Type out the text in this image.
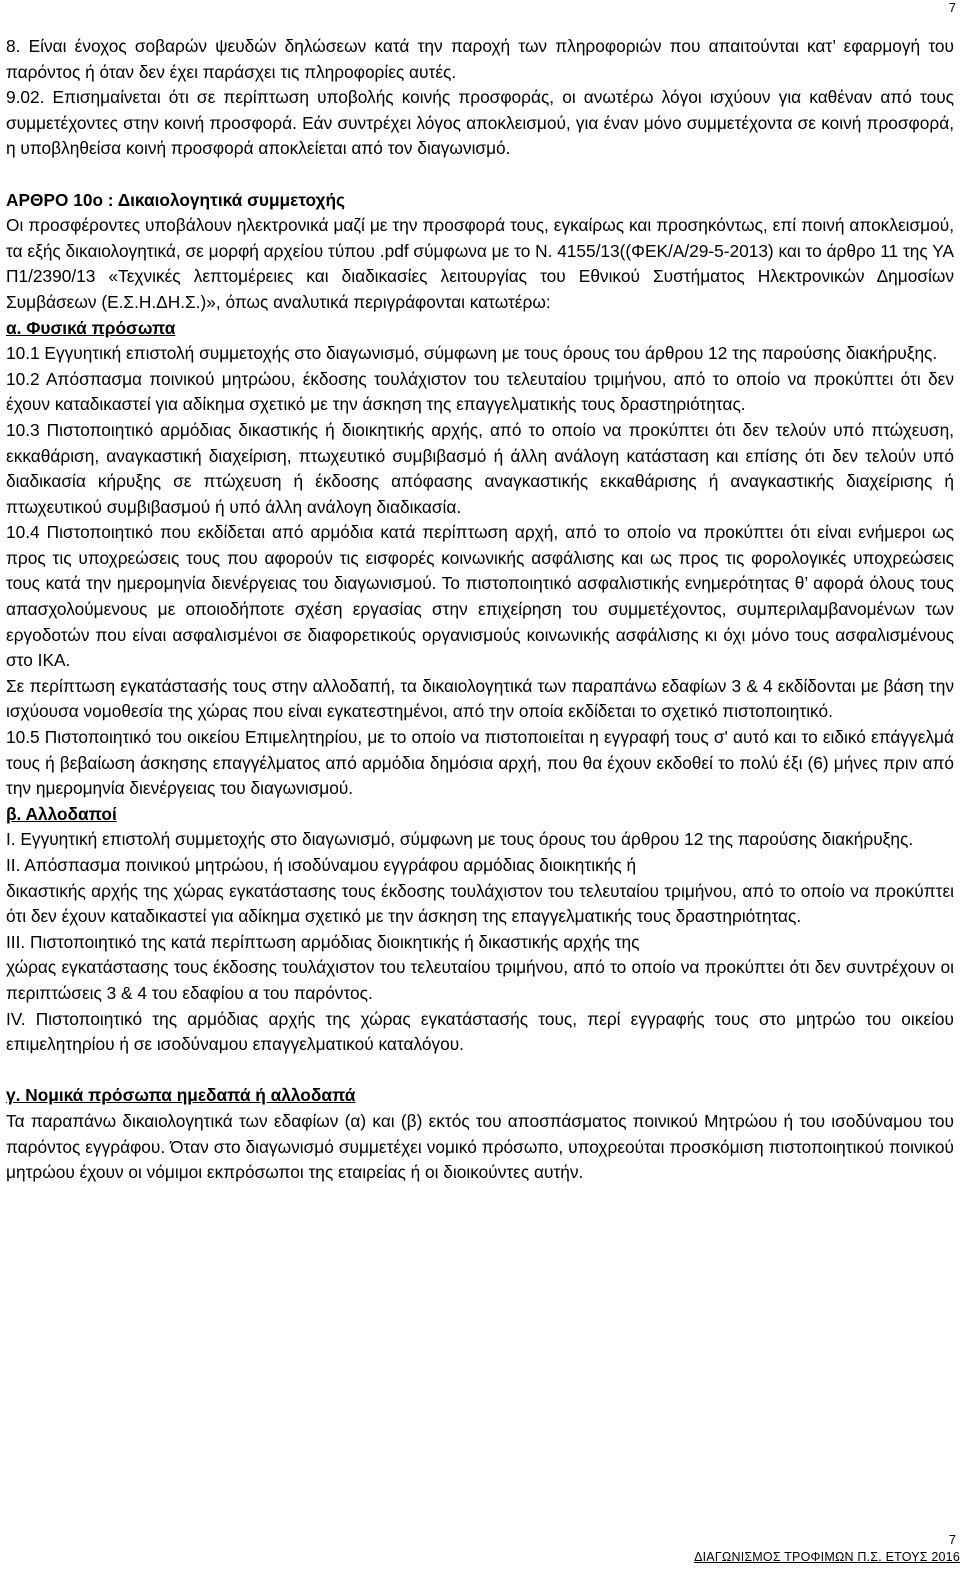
7

8. Είναι ένοχος σοβαρών ψευδών δηλώσεων κατά την παροχή των πληροφοριών που απαιτούνται κατ’ εφαρμογή του παρόντος ή όταν δεν έχει παράσχει τις πληροφορίες αυτές.

9.02. Επισημαίνεται ότι σε περίπτωση υποβολής κοινής προσφοράς, οι ανωτέρω λόγοι ισχύουν για καθέναν από τους συμμετέχοντες στην κοινή προσφορά. Εάν συντρέχει λόγος αποκλεισμού, για έναν μόνο συμμετέχοντα σε κοινή προσφορά, η υποβληθείσα κοινή προσφορά αποκλείεται από τον διαγωνισμό.

ΑΡΘΡΟ 10ο : Δικαιολογητικά συμμετοχής

Οι προσφέροντες υποβάλουν ηλεκτρονικά μαζί με την προσφορά τους, εγκαίρως και προσηκόντως, επί ποινή αποκλεισμού, τα εξής δικαιολογητικά, σε μορφή αρχείου τύπου .pdf σύμφωνα με το Ν. 4155/13((ΦΕΚ/Α/29-5-2013) και το άρθρο 11 της ΥΑ Π1/2390/13 «Τεχνικές λεπτομέρειες και διαδικασίες λειτουργίας του Εθνικού Συστήματος Ηλεκτρονικών Δημοσίων Συμβάσεων (Ε.Σ.Η.ΔΗ.Σ.)», όπως αναλυτικά περιγράφονται κατωτέρω:

α. Φυσικά πρόσωπα

10.1 Εγγυητική επιστολή συμμετοχής στο διαγωνισμό, σύμφωνη με τους όρους του άρθρου 12 της παρούσης διακήρυξης.

10.2 Απόσπασμα ποινικού μητρώου, έκδοσης τουλάχιστον του τελευταίου τριμήνου, από το οποίο να προκύπτει ότι δεν έχουν καταδικαστεί για αδίκημα σχετικό με την άσκηση της επαγγελματικής τους δραστηριότητας.

10.3 Πιστοποιητικό αρμόδιας δικαστικής ή διοικητικής αρχής, από το οποίο να προκύπτει ότι δεν τελούν υπό πτώχευση, εκκαθάριση, αναγκαστική διαχείριση, πτωχευτικό συμβιβασμό ή άλλη ανάλογη κατάσταση και επίσης ότι δεν τελούν υπό διαδικασία κήρυξης σε πτώχευση ή έκδοσης απόφασης αναγκαστικής εκκαθάρισης ή αναγκαστικής διαχείρισης ή πτωχευτικού συμβιβασμού ή υπό άλλη ανάλογη διαδικασία.

10.4 Πιστοποιητικό που εκδίδεται από αρμόδια κατά περίπτωση αρχή, από το οποίο να προκύπτει ότι είναι ενήμεροι ως προς τις υποχρεώσεις τους που αφορούν τις εισφορές κοινωνικής ασφάλισης και ως προς τις φορολογικές υποχρεώσεις τους κατά την ημερομηνία διενέργειας του διαγωνισμού. Το πιστοποιητικό ασφαλιστικής ενημερότητας θ’ αφορά όλους τους απασχολούμενους με οποιοδήποτε σχέση εργασίας στην επιχείρηση του συμμετέχοντος, συμπεριλαμβανομένων των εργοδοτών που είναι ασφαλισμένοι σε διαφορετικούς οργανισμούς κοινωνικής ασφάλισης κι όχι μόνο τους ασφαλισμένους στο ΙΚΑ.

Σε περίπτωση εγκατάστασής τους στην αλλοδαπή, τα δικαιολογητικά των παραπάνω εδαφίων 3 & 4 εκδίδονται με βάση την ισχύουσα νομοθεσία της χώρας που είναι εγκατεστημένοι, από την οποία εκδίδεται το σχετικό πιστοποιητικό.

10.5 Πιστοποιητικό του οικείου Επιμελητηρίου, με το οποίο να πιστοποιείται η εγγραφή τους σ' αυτό και το ειδικό επάγγελμά τους ή βεβαίωση άσκησης επαγγέλματος από αρμόδια δημόσια αρχή, που θα έχουν εκδοθεί το πολύ έξι (6) μήνες πριν από την ημερομηνία διενέργειας του διαγωνισμού.

β. Αλλοδαποί

Ι. Εγγυητική επιστολή συμμετοχής στο διαγωνισμό, σύμφωνη με τους όρους του άρθρου 12 της παρούσης διακήρυξης.

ΙΙ. Απόσπασμα ποινικού μητρώου, ή ισοδύναμου εγγράφου αρμόδιας διοικητικής ή

δικαστικής αρχής της χώρας εγκατάστασης τους έκδοσης τουλάχιστον του τελευταίου τριμήνου, από το οποίο να προκύπτει ότι δεν έχουν καταδικαστεί για αδίκημα σχετικό με την άσκηση της επαγγελματικής τους δραστηριότητας.

ΙΙΙ. Πιστοποιητικό της κατά περίπτωση αρμόδιας διοικητικής ή δικαστικής αρχής της

χώρας εγκατάστασης τους έκδοσης τουλάχιστον του τελευταίου τριμήνου, από το οποίο να προκύπτει ότι δεν συντρέχουν οι περιπτώσεις 3 & 4 του εδαφίου α του παρόντος.

ΙV. Πιστοποιητικό της αρμόδιας αρχής της χώρας εγκατάστασής τους, περί εγγραφής τους στο μητρώο του οικείου επιμελητηρίου ή σε ισοδύναμου επαγγελματικού καταλόγου.

γ. Νομικά πρόσωπα ημεδαπά ή αλλοδαπά

Τα παραπάνω δικαιολογητικά των εδαφίων (α) και (β) εκτός του αποσπάσματος ποινικού Μητρώου ή του ισοδύναμου του παρόντος εγγράφου. Όταν στο διαγωνισμό συμμετέχει νομικό πρόσωπο, υποχρεούται προσκόμιση πιστοποιητικού ποινικού μητρώου έχουν οι νόμιμοι εκπρόσωποι της εταιρείας ή οι διοικούντες αυτήν.

7
ΔΙΑΓΩΝΙΣΜΟΣ ΤΡΟΦΙΜΩΝ Π.Σ. ΕΤΟΥΣ 2016
